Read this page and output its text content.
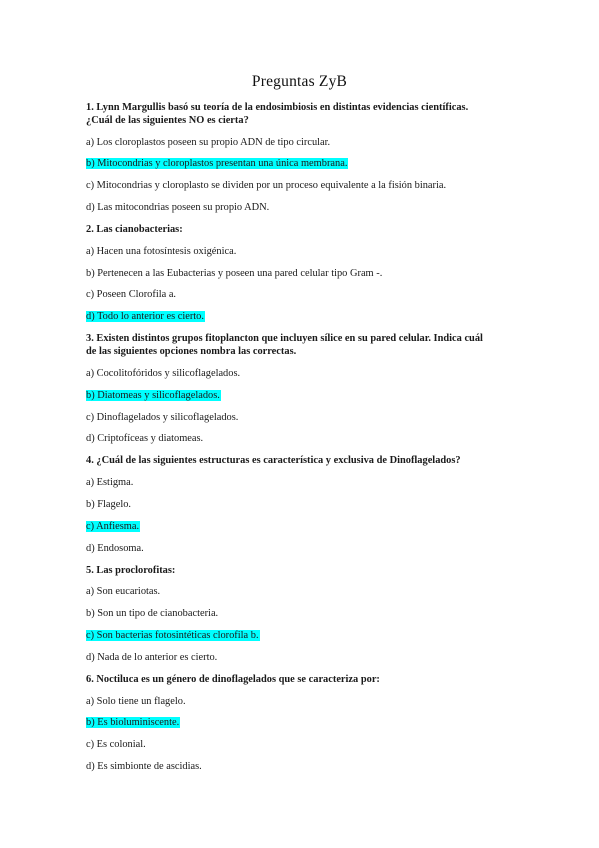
Preguntas ZyB
1. Lynn Margullis basó su teoría de la endosimbiosis en distintas evidencias científicas.
¿Cuál de las siguientes NO es cierta?
a) Los cloroplastos poseen su propio ADN de tipo circular.
b) Mitocondrias y cloroplastos presentan una única membrana.
c) Mitocondrias y cloroplasto se dividen por un proceso equivalente a la fisión binaria.
d) Las mitocondrias poseen su propio ADN.
2. Las cianobacterias:
a) Hacen una fotosíntesis oxigénica.
b) Pertenecen a las Eubacterias y poseen una pared celular tipo Gram -.
c) Poseen Clorofila a.
d) Todo lo anterior es cierto.
3. Existen distintos grupos fitoplancton que incluyen sílice en su pared celular. Indica cuál
de las siguientes opciones nombra las correctas.
a) Cocolitofóridos y silicoflagelados.
b) Diatomeas y silicoflagelados.
c) Dinoflagelados y silicoflagelados.
d) Criptofíceas y diatomeas.
4. ¿Cuál de las siguientes estructuras es característica y exclusiva de Dinoflagelados?
a) Estigma.
b) Flagelo.
c) Anfiesma.
d) Endosoma.
5. Las proclorofitas:
a) Son eucariotas.
b) Son un tipo de cianobacteria.
c) Son bacterias fotosintéticas clorofila b.
d) Nada de lo anterior es cierto.
6. Noctiluca es un género de dinoflagelados que se caracteriza por:
a) Solo tiene un flagelo.
b) Es bioluminiscente.
c) Es colonial.
d) Es simbionte de ascidias.
